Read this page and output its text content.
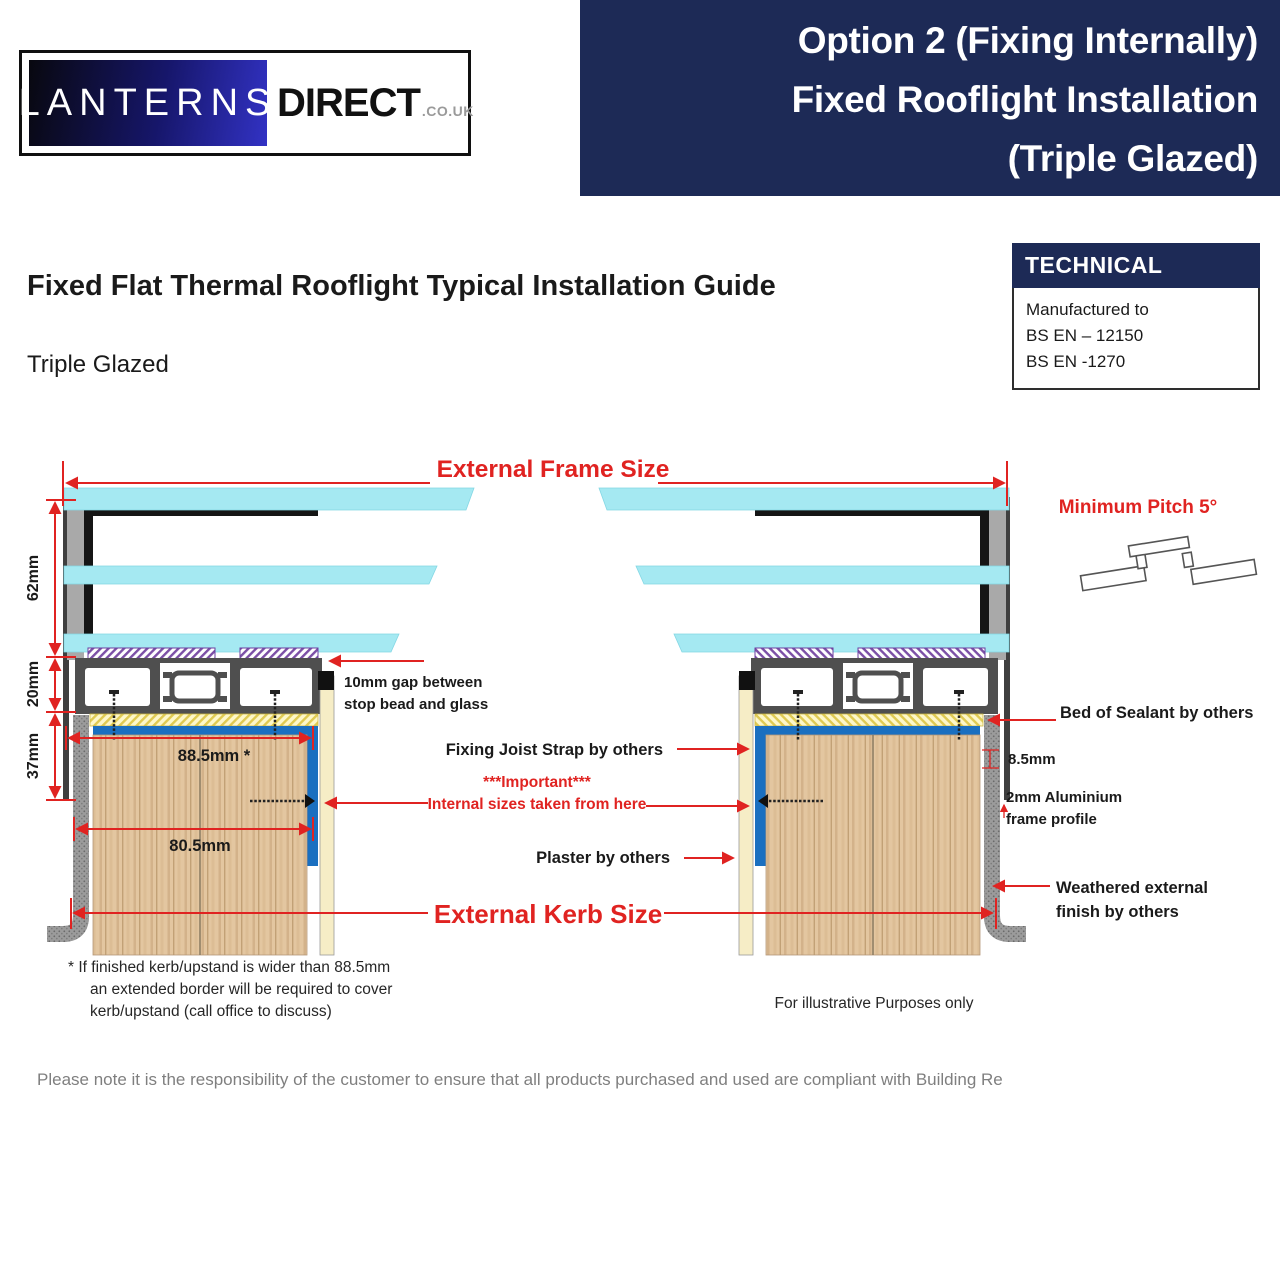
Option 2 (Fixing Internally)
Fixed Rooflight Installation
(Triple Glazed)
LANTERNS DIRECT .CO.UK
Fixed Flat Thermal Rooflight Typical Installation Guide
Triple Glazed
TECHNICAL
Manufactured to
BS EN – 12150
BS EN -1270
External Frame Size
Minimum Pitch 5°
62mm
20mm
37mm
10mm gap between
stop bead and glass
88.5mm *
80.5mm
External Kerb Size
Fixing Joist Strap by others
***Important***
Internal sizes taken from here
Plaster by others
Bed of Sealant by others
8.5mm
2mm Aluminium
frame profile
Weathered external
finish by others
* If finished kerb/upstand is wider than 88.5mm
an extended border will be required to cover
kerb/upstand (call office to discuss)	For illustrative Purposes only
Please note it is the responsibility of the customer to ensure that all products purchased and used are compliant with Building Re
